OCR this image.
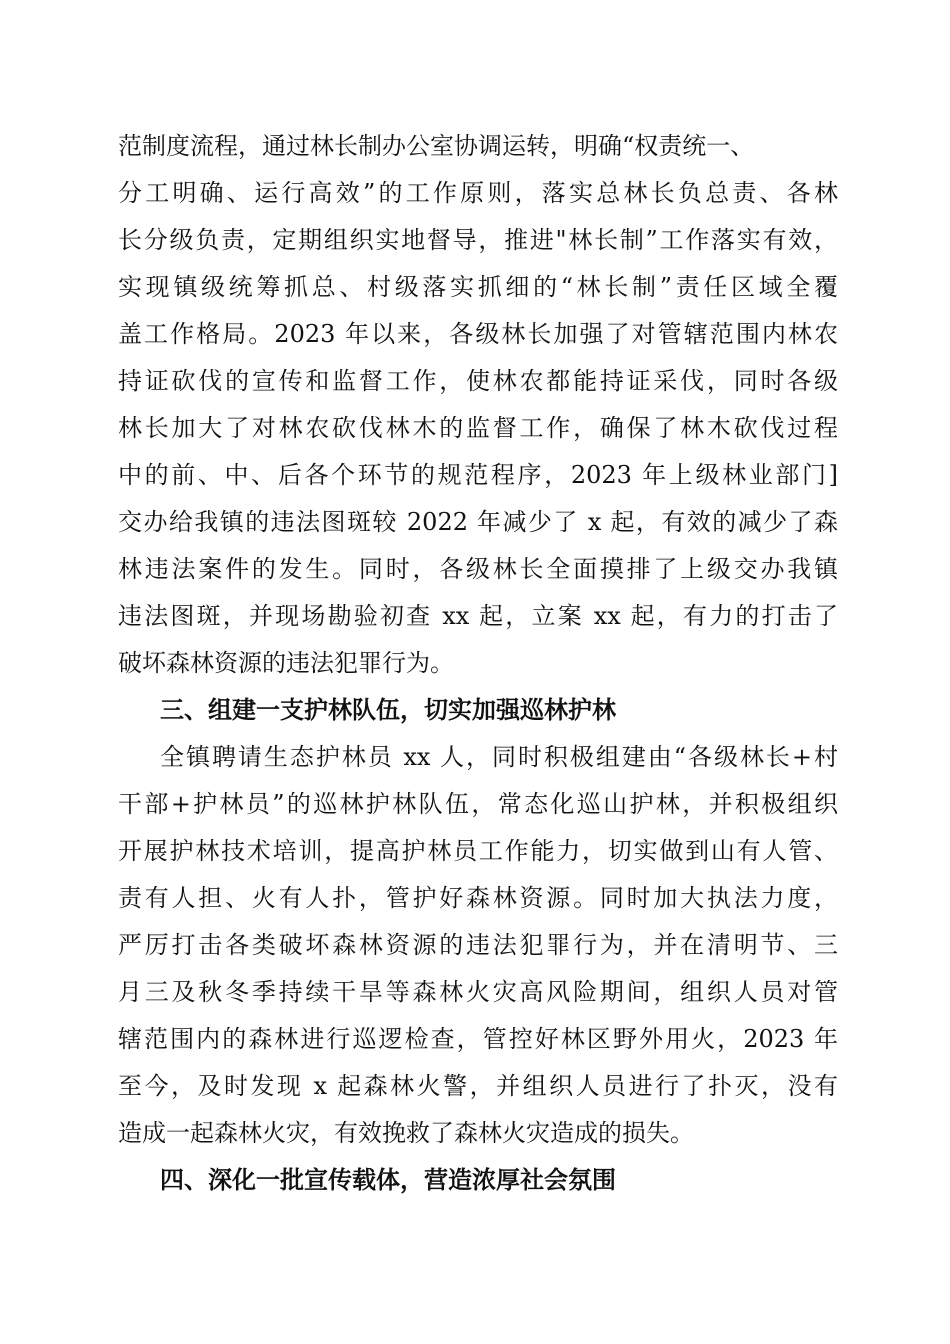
范制度流程，通过林长制办公室协调运转，明确“权责统一、
分工明确、运行高效”的工作原则，落实总林长负总责、各林
长分级负责，定期组织实地督导，推进"林长制”工作落实有效，
实现镇级统筹抓总、村级落实抓细的“林长制”责任区域全覆
盖工作格局。2023 年以来，各级林长加强了对管辖范围内林农
持证砍伐的宣传和监督工作，使林农都能持证采伐，同时各级
林长加大了对林农砍伐林木的监督工作，确保了林木砍伐过程
中的前、中、后各个环节的规范程序，2023 年上级林业部门]
交办给我镇的违法图斑较 2022 年减少了 x 起，有效的减少了森
林违法案件的发生。同时，各级林长全面摸排了上级交办我镇
违法图斑，并现场勘验初查 xx 起，立案 xx 起，有力的打击了
破坏森林资源的违法犯罪行为。
三、组建一支护林队伍，切实加强巡林护林
全镇聘请生态护林员 xx 人，同时积极组建由“各级林长+村
干部+护林员”的巡林护林队伍，常态化巡山护林，并积极组织
开展护林技术培训，提高护林员工作能力，切实做到山有人管、
责有人担、火有人扑，管护好森林资源。同时加大执法力度，
严厉打击各类破坏森林资源的违法犯罪行为，并在清明节、三
月三及秋冬季持续干旱等森林火灾高风险期间，组织人员对管
辖范围内的森林进行巡逻检查，管控好林区野外用火，2023 年
至今，及时发现 x 起森林火警，并组织人员进行了扑灭，没有
造成一起森林火灾，有效挽救了森林火灾造成的损失。
四、深化一批宣传载体，营造浓厚社会氛围
